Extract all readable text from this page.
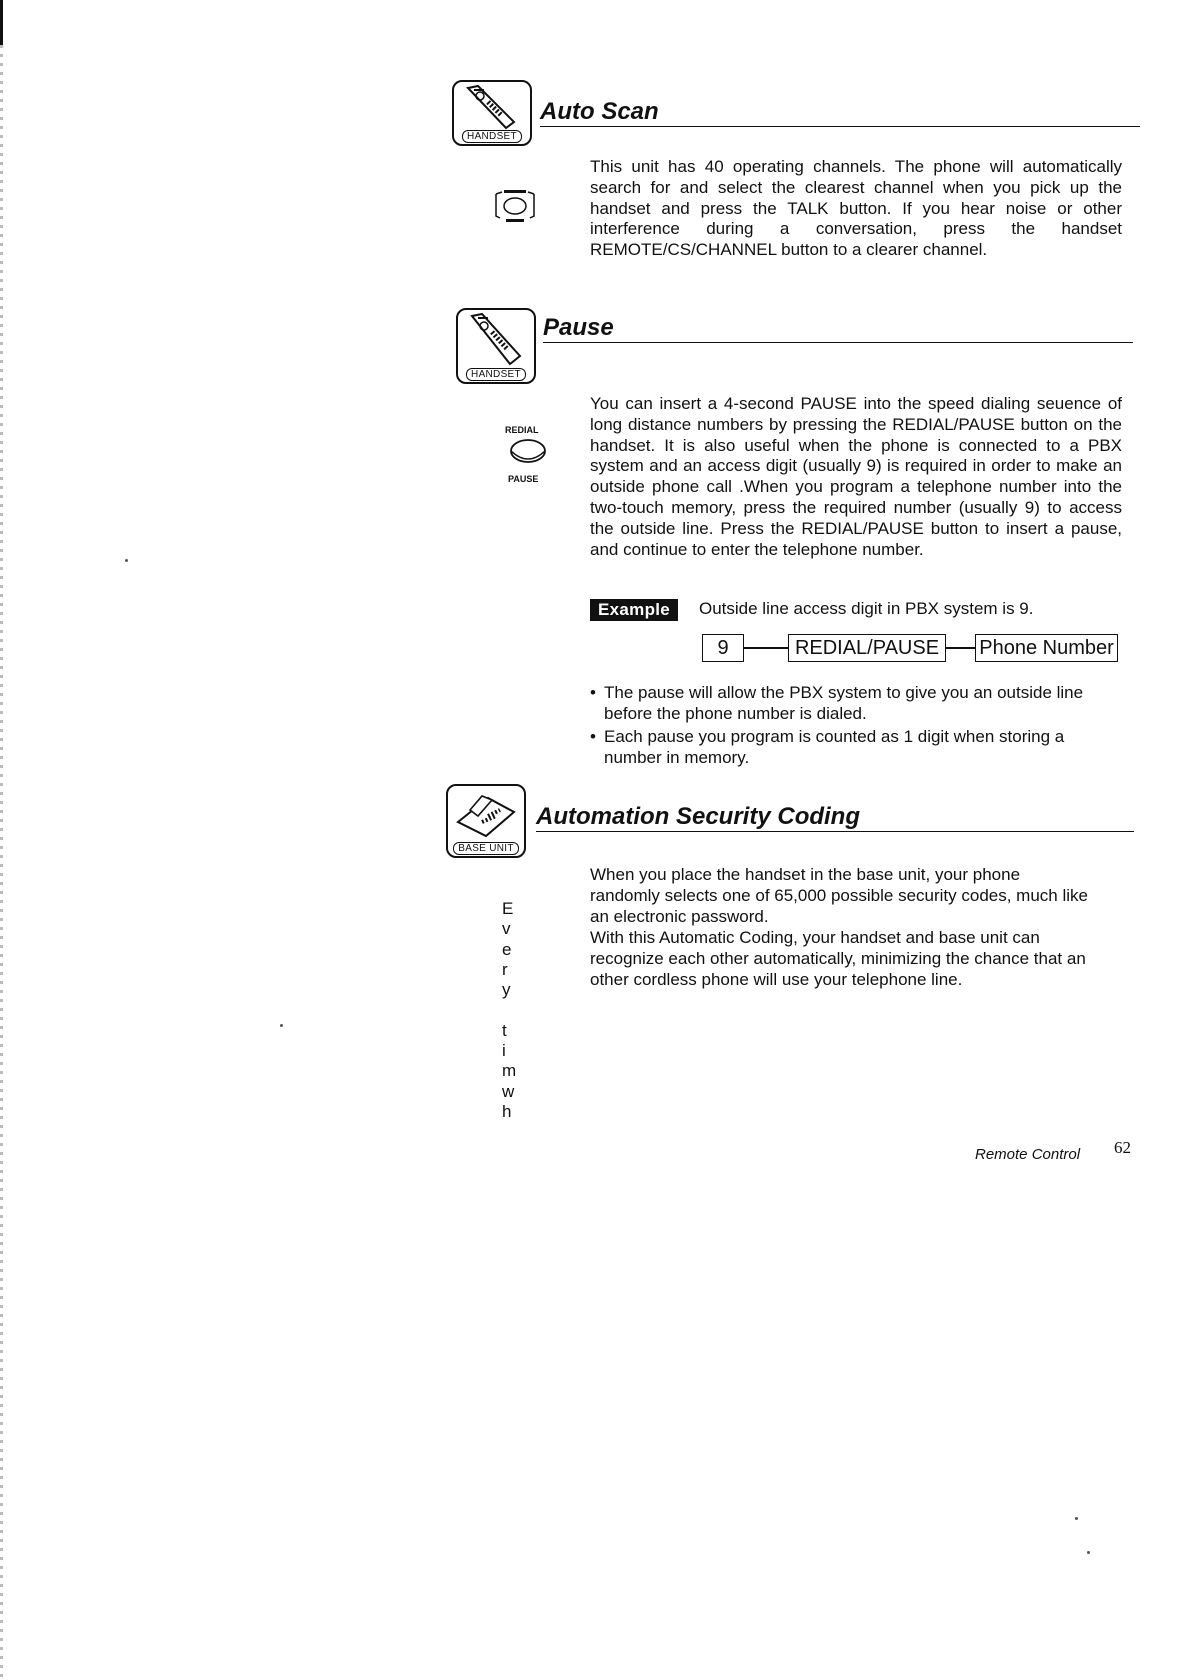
HANDSET
Auto Scan
This unit has 40 operating channels. The phone will automatically search for and select the clearest channel when you pick up the handset and press the TALK button. If you hear noise or other interference during a conversation, press the handset REMOTE/CS/CHANNEL button to a clearer channel.
HANDSET
Pause
REDIAL
PAUSE
You can insert a 4-second PAUSE into the speed dialing seuence of long distance numbers by pressing the REDIAL/PAUSE button on the handset. It is also useful when the phone is connected to a PBX system and an access digit (usually 9) is required in order to make an outside phone call .When you program a telephone number into the two-touch memory, press the required number (usually 9) to access the outside line. Press the REDIAL/PAUSE button to insert a pause, and continue to enter the telephone number.
Example	Outside line access digit in PBX system is 9.
9	REDIAL/PAUSE	Phone Number
• The pause will allow the PBX system to give you an outside line before the phone number is dialed.
• Each pause you program is counted as 1 digit when storing a number in memory.
BASE UNIT
Automation Security Coding
E
v
e
r
y
t
i
m
w
h
When you place the handset in the base unit, your phone
randomly selects one of 65,000 possible security codes, much like
an electronic password.
With this Automatic Coding, your handset and base unit can
recognize each other automatically, minimizing the chance that an
other cordless phone will use your telephone line.
Remote Control 62
